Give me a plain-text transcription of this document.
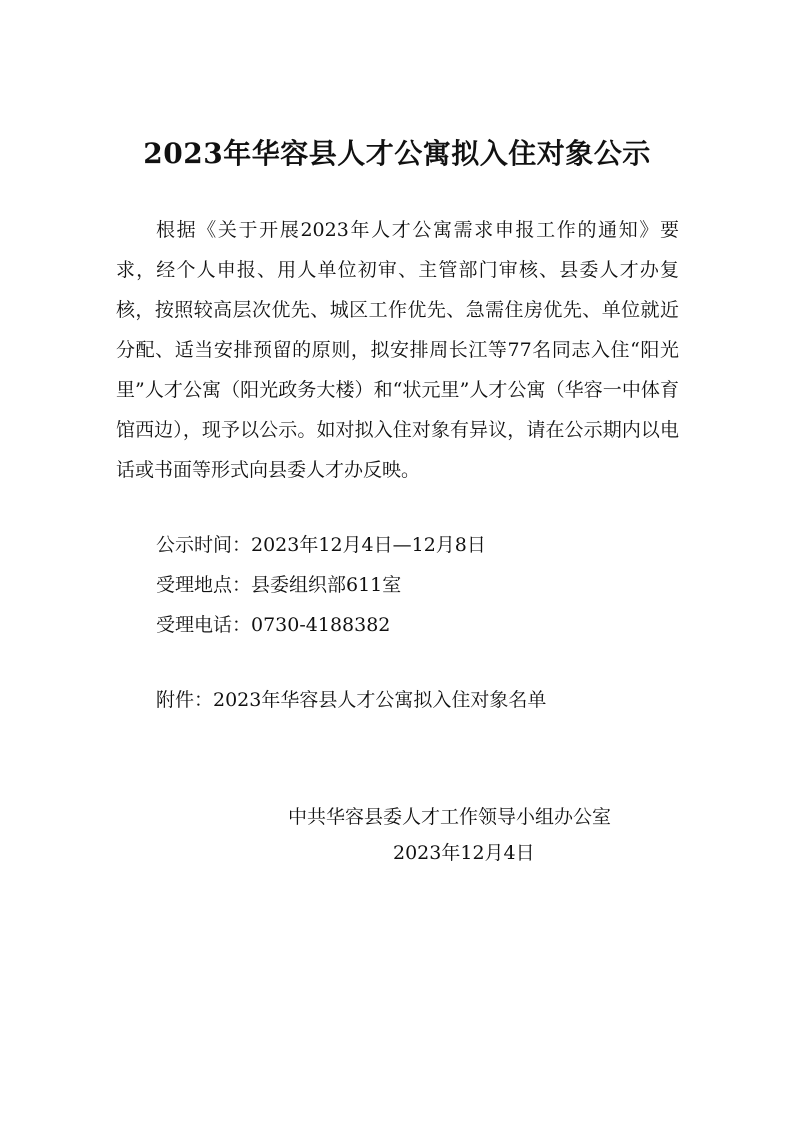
2023年华容县人才公寓拟入住对象公示

根据《关于开展2023年人才公寓需求申报工作的通知》要求，经个人申报、用人单位初审、主管部门审核、县委人才办复核，按照较高层次优先、城区工作优先、急需住房优先、单位就近分配、适当安排预留的原则，拟安排周长江等77名同志入住“阳光里”人才公寓（阳光政务大楼）和“状元里”人才公寓（华容一中体育馆西边），现予以公示。如对拟入住对象有异议，请在公示期内以电话或书面等形式向县委人才办反映。

公示时间：2023年12月4日—12月8日
受理地点：县委组织部611室
受理电话：0730-4188382
附件：2023年华容县人才公寓拟入住对象名单
中共华容县委人才工作领导小组办公室
2023年12月4日
